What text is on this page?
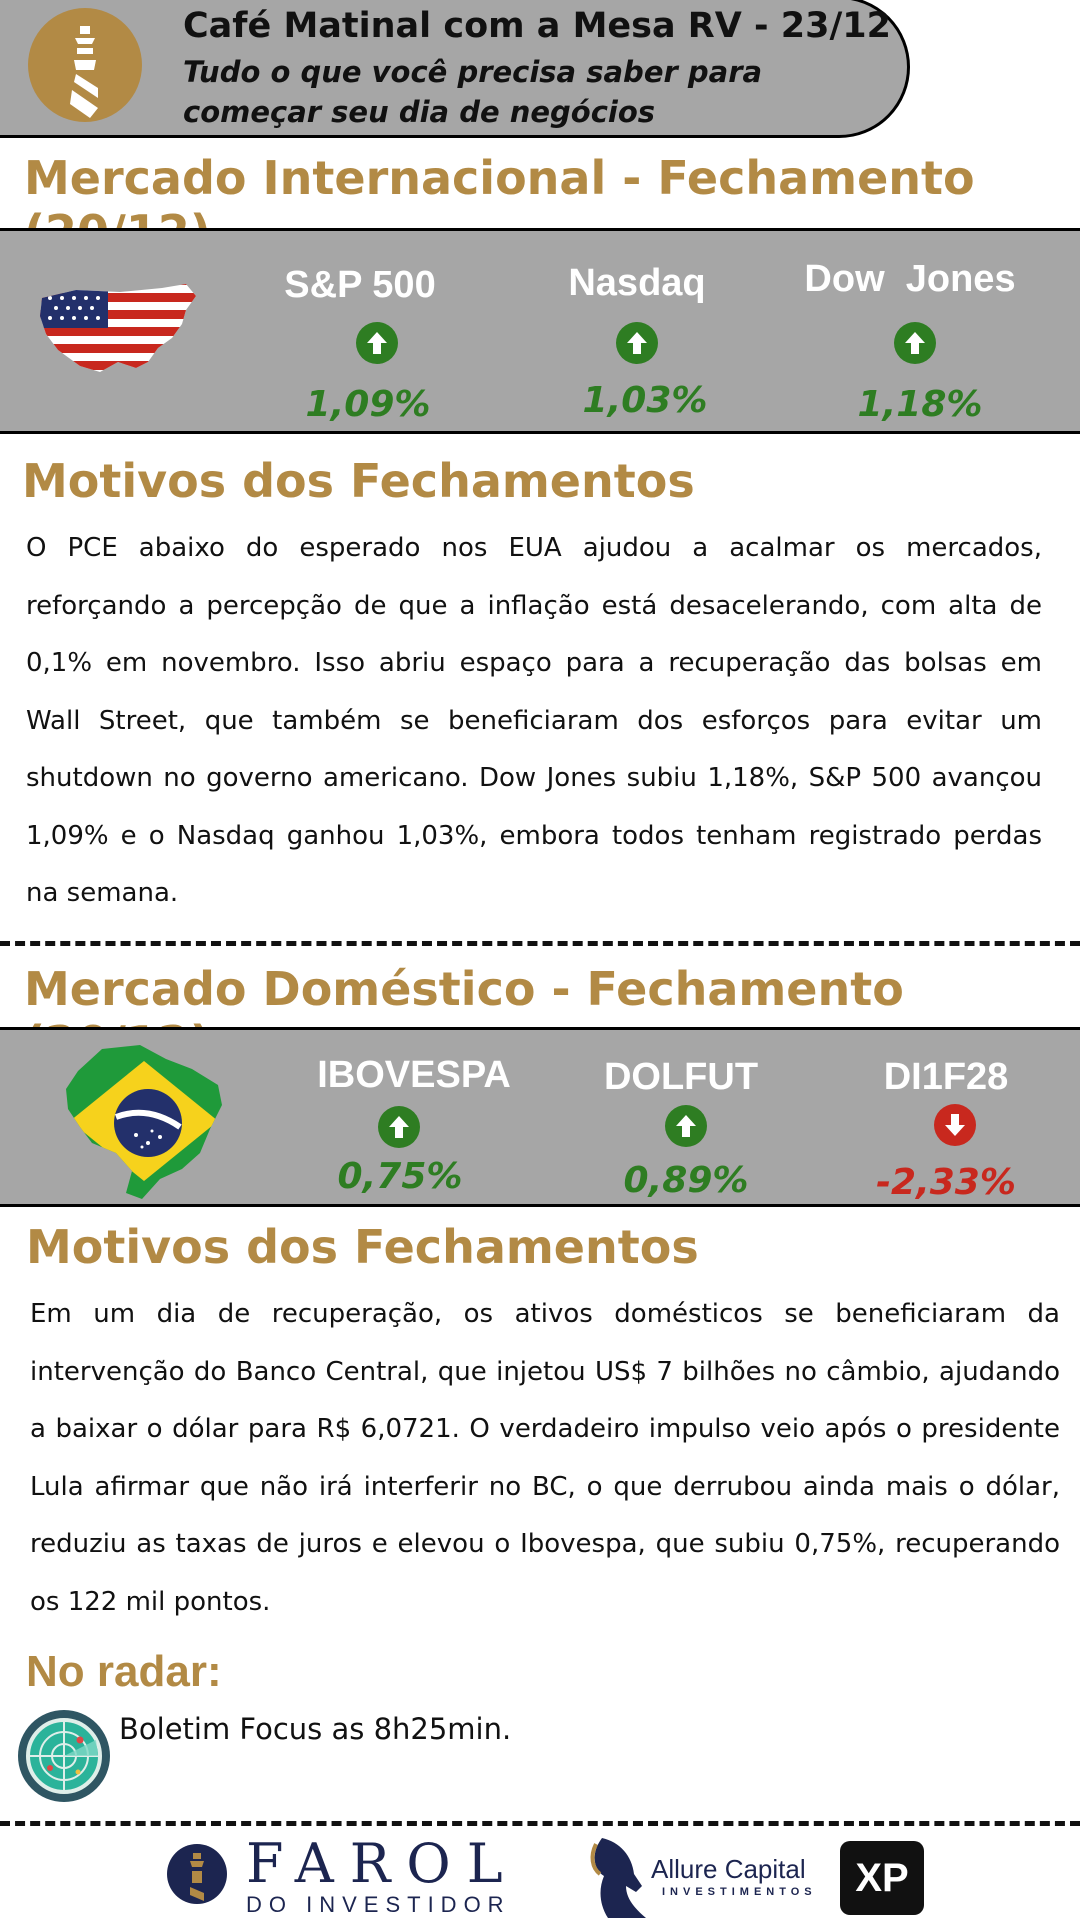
Café Matinal com a Mesa RV - 23/12
Tudo o que você precisa saber para
começar seu dia de negócios
Mercado Internacional - Fechamento
S&P 500
1,09%
Nasdaq
1,03%
Dow  Jones
1,18%
Motivos dos Fechamentos
O PCE abaixo do esperado nos EUA ajudou a acalmar os mercados, reforçando a percepção de que a inflação está desacelerando, com alta de 0,1% em novembro. Isso abriu espaço para a recuperação das bolsas em Wall Street, que também se beneficiaram dos esforços para evitar um shutdown no governo americano. Dow Jones subiu 1,18%, S&P 500 avançou 1,09% e o Nasdaq ganhou 1,03%, embora todos tenham registrado perdas na semana.
Mercado Doméstico - Fechamento
IBOVESPA
0,75%
DOLFUT
0,89%
DI1F28
-2,33%
Motivos dos Fechamentos
Em um dia de recuperação, os ativos domésticos se beneficiaram da intervenção do Banco Central, que injetou US$ 7 bilhões no câmbio, ajudando a baixar o dólar para R$ 6,0721. O verdadeiro impulso veio após o presidente Lula afirmar que não irá interferir no BC, o que derrubou ainda mais o dólar, reduziu as taxas de juros e elevou o Ibovespa, que subiu 0,75%, recuperando os 122 mil pontos.
No radar:
Boletim Focus as 8h25min.
FAROL
DO INVESTIDOR
Allure Capital
INVESTIMENTOS XP
